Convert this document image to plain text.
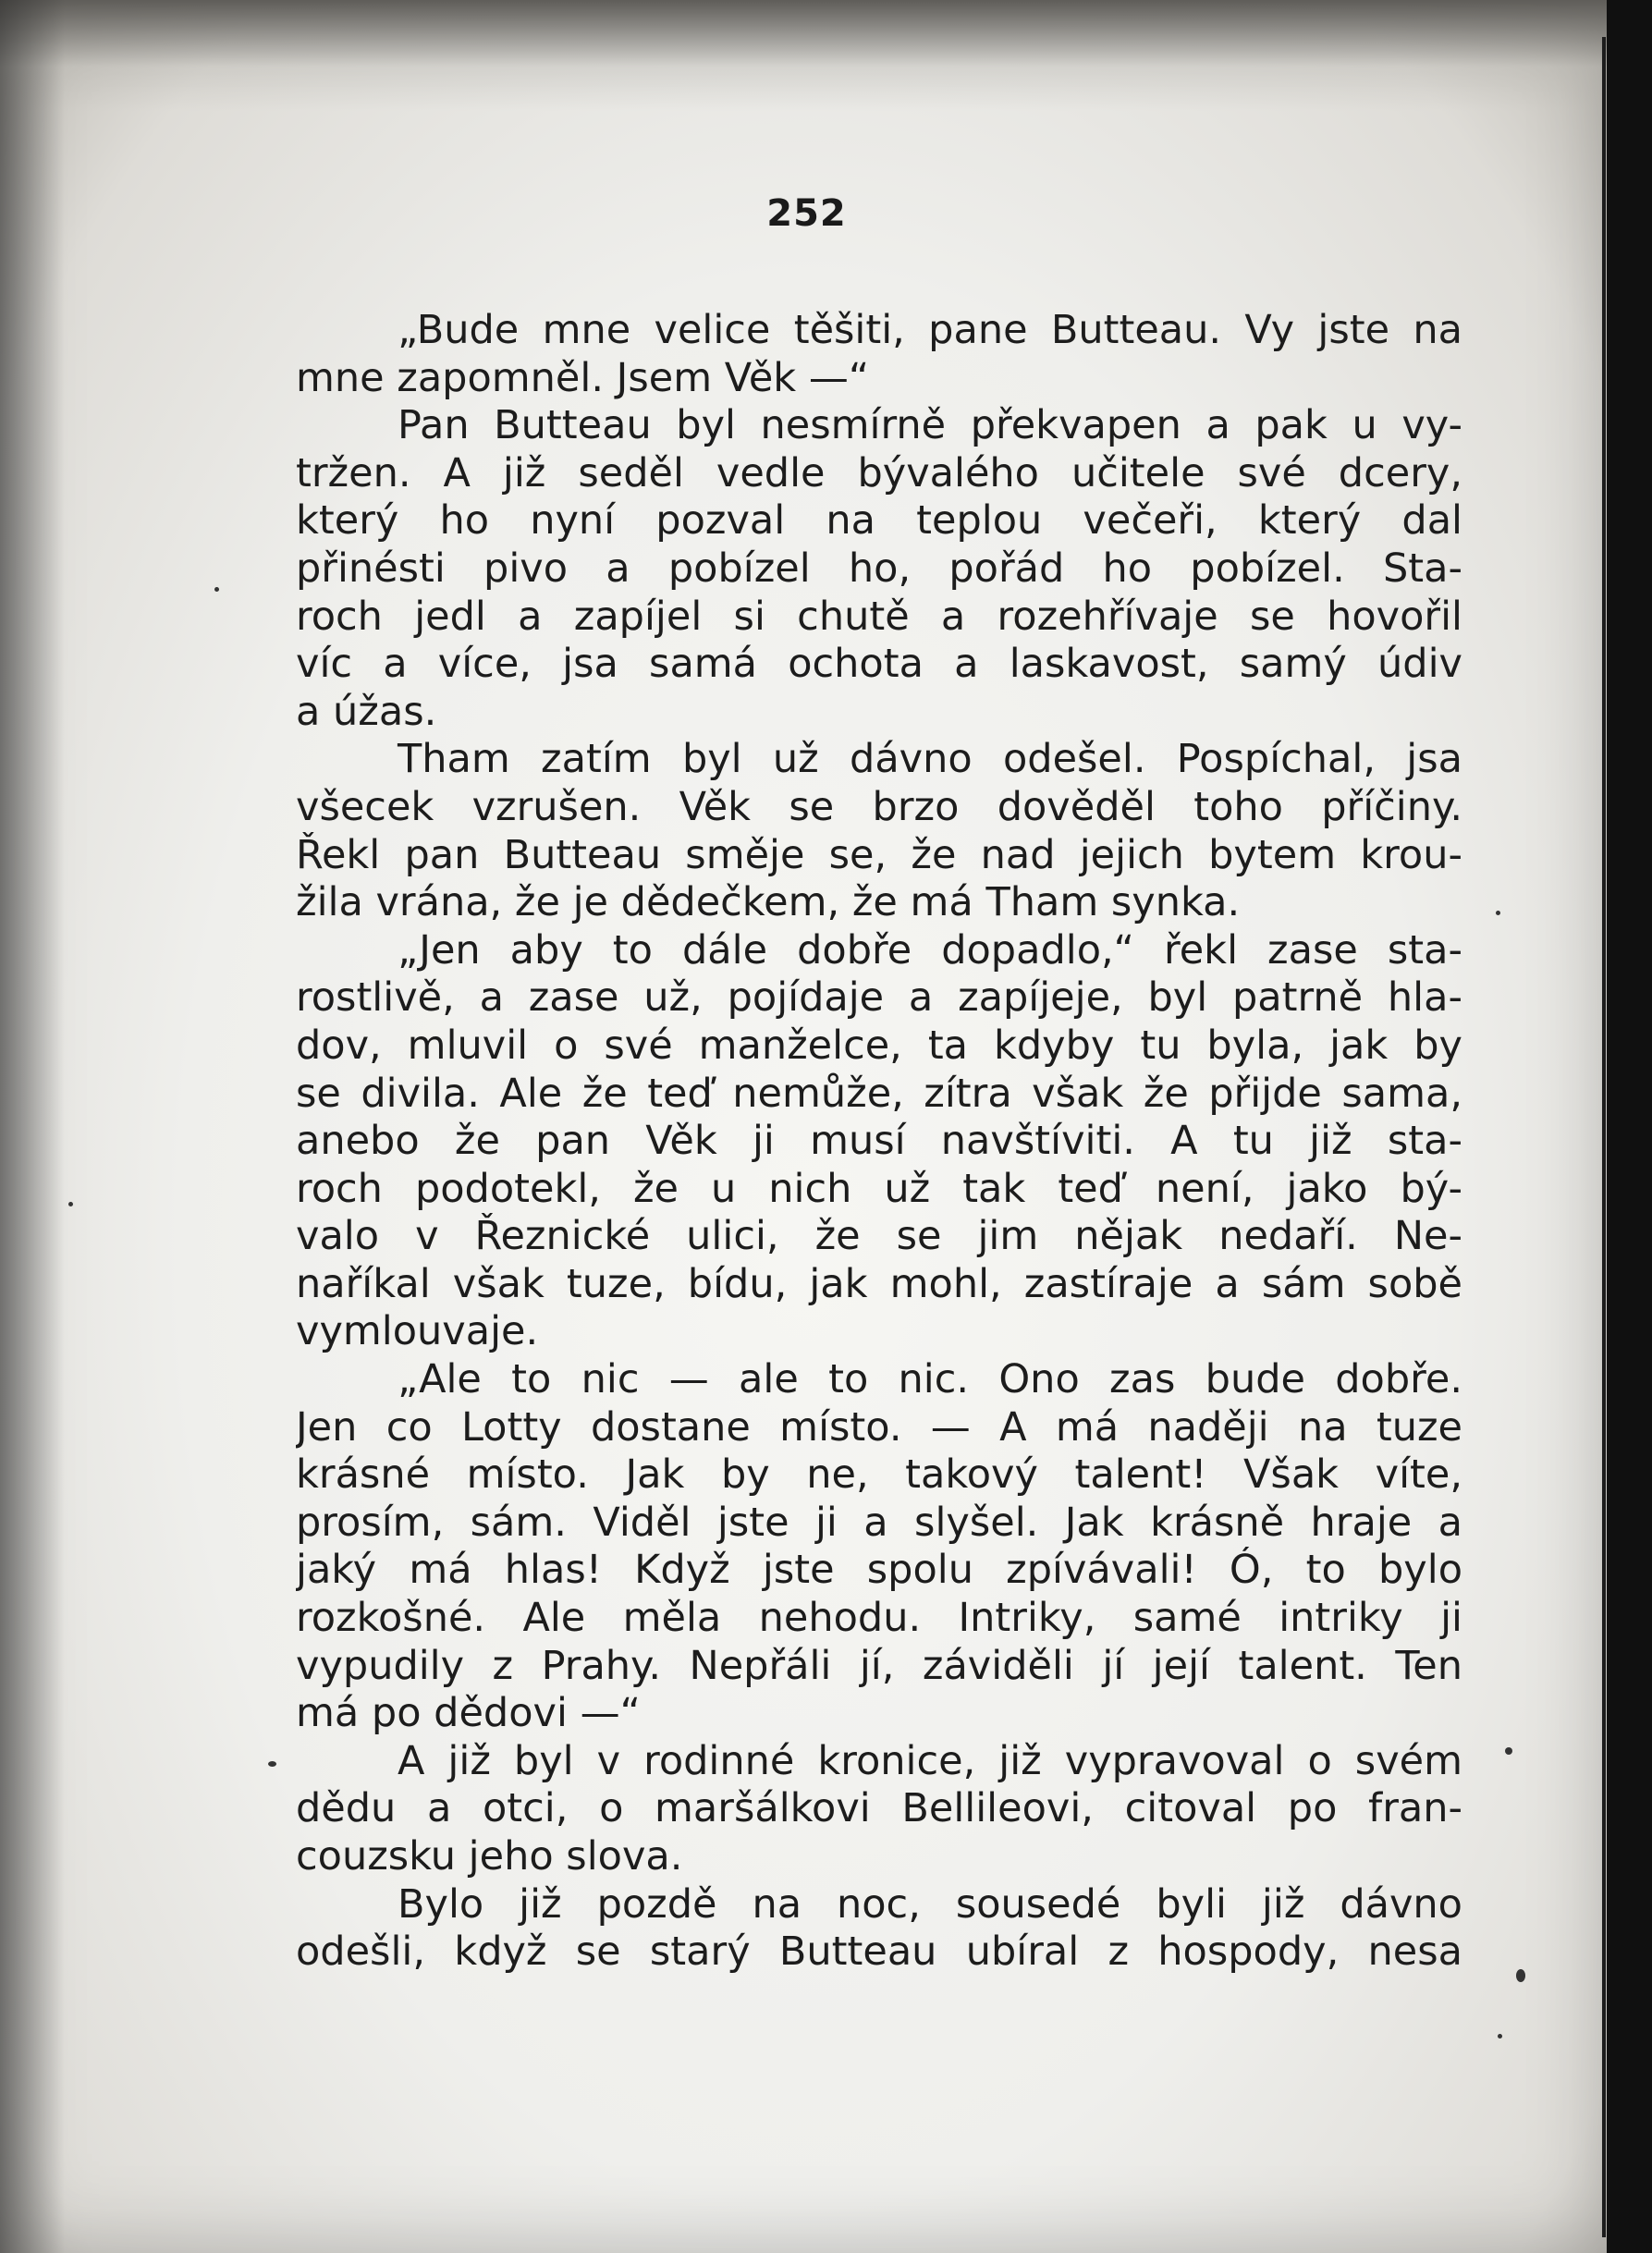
252
„Bude mne velice těšiti, pane Butteau. Vy jste na
mne zapomněl. Jsem Věk —“
Pan Butteau byl nesmírně překvapen a pak u vy-
tržen. A již seděl vedle bývalého učitele své dcery,
který ho nyní pozval na teplou večeři, který dal
přinésti pivo a pobízel ho, pořád ho pobízel. Sta-
roch jedl a zapíjel si chutě a rozehřívaje se hovořil
víc a více, jsa samá ochota a laskavost, samý údiv
a úžas.
Tham zatím byl už dávno odešel. Pospíchal, jsa
všecek vzrušen. Věk se brzo dověděl toho příčiny.
Řekl pan Butteau směje se, že nad jejich bytem krou-
žila vrána, že je dědečkem, že má Tham synka.
„Jen aby to dále dobře dopadlo,“ řekl zase sta-
rostlivě, a zase už, pojídaje a zapíjeje, byl patrně hla-
dov, mluvil o své manželce, ta kdyby tu byla, jak by
se divila. Ale že teď nemůže, zítra však že přijde sama,
anebo že pan Věk ji musí navštíviti. A tu již sta-
roch podotekl, že u nich už tak teď není, jako bý-
valo v Řeznické ulici, že se jim nějak nedaří. Ne-
naříkal však tuze, bídu, jak mohl, zastíraje a sám sobě
vymlouvaje.
„Ale to nic — ale to nic. Ono zas bude dobře.
Jen co Lotty dostane místo. — A má naději na tuze
krásné místo. Jak by ne, takový talent! Však víte,
prosím, sám. Viděl jste ji a slyšel. Jak krásně hraje a
jaký má hlas! Když jste spolu zpívávali! Ó, to bylo
rozkošné. Ale měla nehodu. Intriky, samé intriky ji
vypudily z Prahy. Nepřáli jí, záviděli jí její talent. Ten
má po dědovi —“
A již byl v rodinné kronice, již vypravoval o svém
dědu a otci, o maršálkovi Bellileovi, citoval po fran-
couzsku jeho slova.
Bylo již pozdě na noc, sousedé byli již dávno
odešli, když se starý Butteau ubíral z hospody, nesa
